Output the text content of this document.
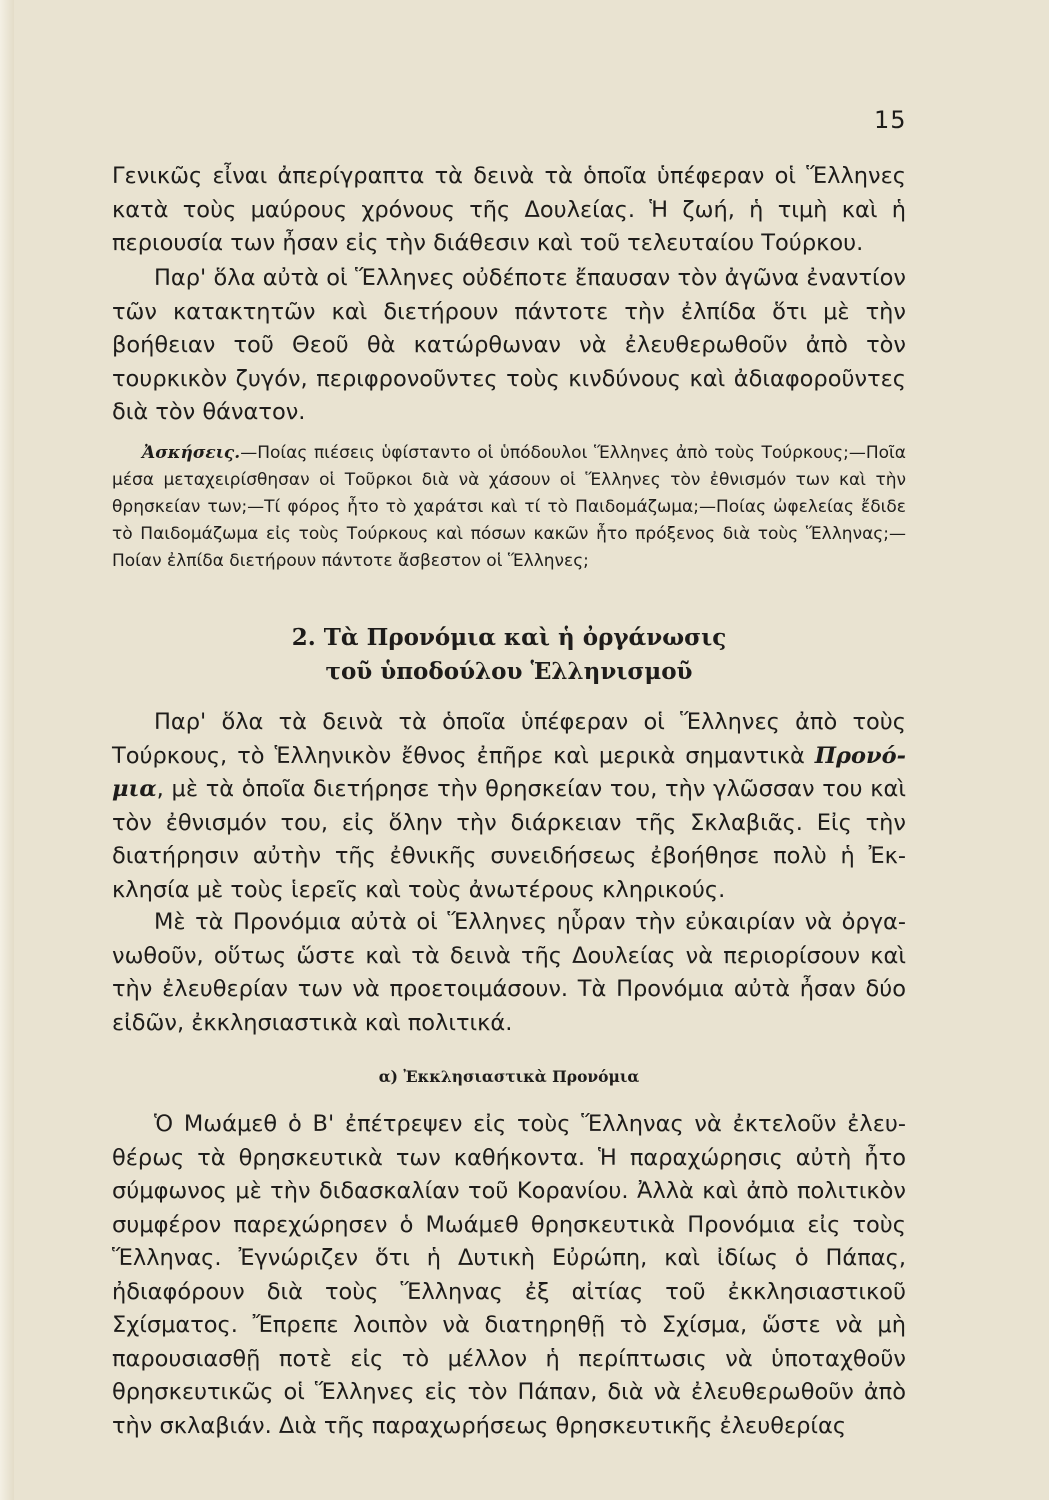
15

Γενικῶς εἶναι ἀπερίγραπτα τὰ δεινὰ τὰ ὁποῖα ὑπέφεραν οἱ Ἕλληνες κατὰ τοὺς μαύρους χρόνους τῆς Δουλείας. Ἡ ζωή, ἡ τιμὴ καὶ ἡ περιουσία των ἦσαν εἰς τὴν διάθεσιν καὶ τοῦ τελευταίου Τούρκου.

Παρ' ὅλα αὐτὰ οἱ Ἕλληνες οὐδέποτε ἔπαυσαν τὸν ἀγῶνα ἐναντίον τῶν κατακτητῶν καὶ διετήρουν πάντοτε τὴν ἐλπίδα ὅτι μὲ τὴν βοήθειαν τοῦ Θεοῦ θὰ κατώρθωναν νὰ ἐλευθερωθοῦν ἀπὸ τὸν τουρκικὸν ζυγόν, περιφρονοῦντες τοὺς κινδύνους καὶ ἀδιαφοροῦντες διὰ τὸν θάνατον.

Ἀσκήσεις.—Ποίας πιέσεις ὑφίσταντο οἱ ὑπόδουλοι Ἕλληνες ἀπὸ τοὺς Τούρκους;—Ποῖα μέσα μεταχειρίσθησαν οἱ Τοῦρκοι διὰ νὰ χάσουν οἱ Ἕλληνες τὸν ἐθνισμόν των καὶ τὴν θρησκείαν των;—Τί φόρος ἦτο τὸ χαράτσι καὶ τί τὸ Παιδομάζωμα;—Ποίας ὠφελείας ἔδιδε τὸ Παιδομάζωμα εἰς τοὺς Τούρκους καὶ πόσων κακῶν ἦτο πρόξενος διὰ τοὺς Ἕλληνας;—Ποίαν ἐλπίδα διετήρουν πάντοτε ἄσβεστον οἱ Ἕλληνες;

2. Τὰ Προνόμια καὶ ἡ ὀργάνωσις
τοῦ ὑποδούλου Ἑλληνισμοῦ

Παρ' ὅλα τὰ δεινὰ τὰ ὁποῖα ὑπέφεραν οἱ Ἕλληνες ἀπὸ τοὺς Τούρκους, τὸ Ἑλληνικὸν ἔθνος ἐπῆρε καὶ μερικὰ σημαντικὰ Προνόμια, μὲ τὰ ὁποῖα διετήρησε τὴν θρησκείαν του, τὴν γλῶσσαν του καὶ τὸν ἐθνισμόν του, εἰς ὅλην τὴν διάρκειαν τῆς Σκλαβιᾶς. Εἰς τὴν διατήρησιν αὐτὴν τῆς ἐθνικῆς συνειδήσεως ἐβοήθησε πολὺ ἡ Ἐκκλησία μὲ τοὺς ἱερεῖς καὶ τοὺς ἀνωτέρους κληρικούς.

Μὲ τὰ Προνόμια αὐτὰ οἱ Ἕλληνες ηὗραν τὴν εὐκαιρίαν νὰ ὀργανωθοῦν, οὕτως ὥστε καὶ τὰ δεινὰ τῆς Δουλείας νὰ περιορίσουν καὶ τὴν ἐλευθερίαν των νὰ προετοιμάσουν. Τὰ Προνόμια αὐτὰ ἦσαν δύο εἰδῶν, ἐκκλησιαστικὰ καὶ πολιτικά.

α) Ἐκκλησιαστικὰ Προνόμια

Ὁ Μωάμεθ ὁ Β' ἐπέτρεψεν εἰς τοὺς Ἕλληνας νὰ ἐκτελοῦν ἐλευθέρως τὰ θρησκευτικὰ των καθήκοντα. Ἡ παραχώρησις αὐτὴ ἦτο σύμφωνος μὲ τὴν διδασκαλίαν τοῦ Κορανίου. Ἀλλὰ καὶ ἀπὸ πολιτικὸν συμφέρον παρεχώρησεν ὁ Μωάμεθ θρησκευτικὰ Προνόμια εἰς τοὺς Ἕλληνας. Ἐγνώριζεν ὅτι ἡ Δυτικὴ Εὐρώπη, καὶ ἰδίως ὁ Πάπας, ἠδιαφόρουν διὰ τοὺς Ἕλληνας ἐξ αἰτίας τοῦ ἐκκλησιαστικοῦ Σχίσματος. Ἔπρεπε λοιπὸν νὰ διατηρηθῇ τὸ Σχίσμα, ὥστε νὰ μὴ παρουσιασθῇ ποτὲ εἰς τὸ μέλλον ἡ περίπτωσις νὰ ὑποταχθοῦν θρησκευτικῶς οἱ Ἕλληνες εἰς τὸν Πάπαν, διὰ νὰ ἐλευθερωθοῦν ἀπὸ τὴν σκλαβιάν. Διὰ τῆς παραχωρήσεως θρησκευτικῆς ἐλευθερίας
